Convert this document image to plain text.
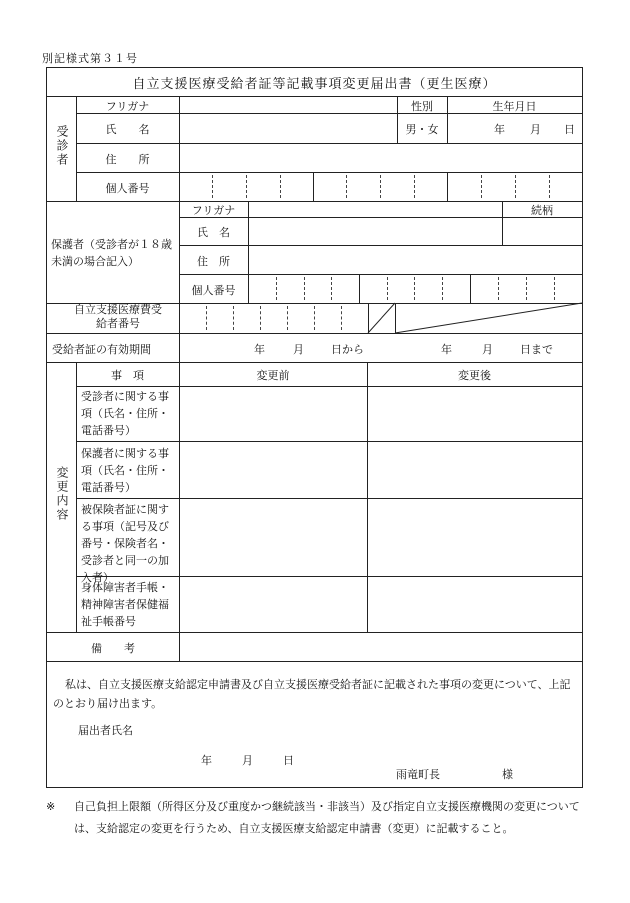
別記様式第３１号
自立支援医療受給者証等記載事項変更届出書（更生医療）
受診者
フリガナ	性別	生年月日
氏　　名	男・女	年 月 日
住　　所
個人番号
保護者（受診者が１８歳未満の場合記入）
フリガナ	続柄
氏　名
住　所
個人番号
自立支援医療費受給者番号
受給者証の有効期間	年	月 日から	年	月 日まで
変更内容
事　項	変更前	変更後
受診者に関する事項（氏名・住所・電話番号）
保護者に関する事項（氏名・住所・電話番号）
被保険者証に関する事項（記号及び番号・保険者名・受診者と同一の加入者）
身体障害者手帳・精神障害者保健福祉手帳番号
備　　考
私は、自立支援医療支給認定申請書及び自立支援医療受給者証に記載された事項の変更について、上記のとおり届け出ます。
届出者氏名
年	月	日
雨竜町長	様
※ 自己負担上限額（所得区分及び重度かつ継続該当・非該当）及び指定自立支援医療機関の変更については、支給認定の変更を行うため、自立支援医療支給認定申請書（変更）に記載すること。
